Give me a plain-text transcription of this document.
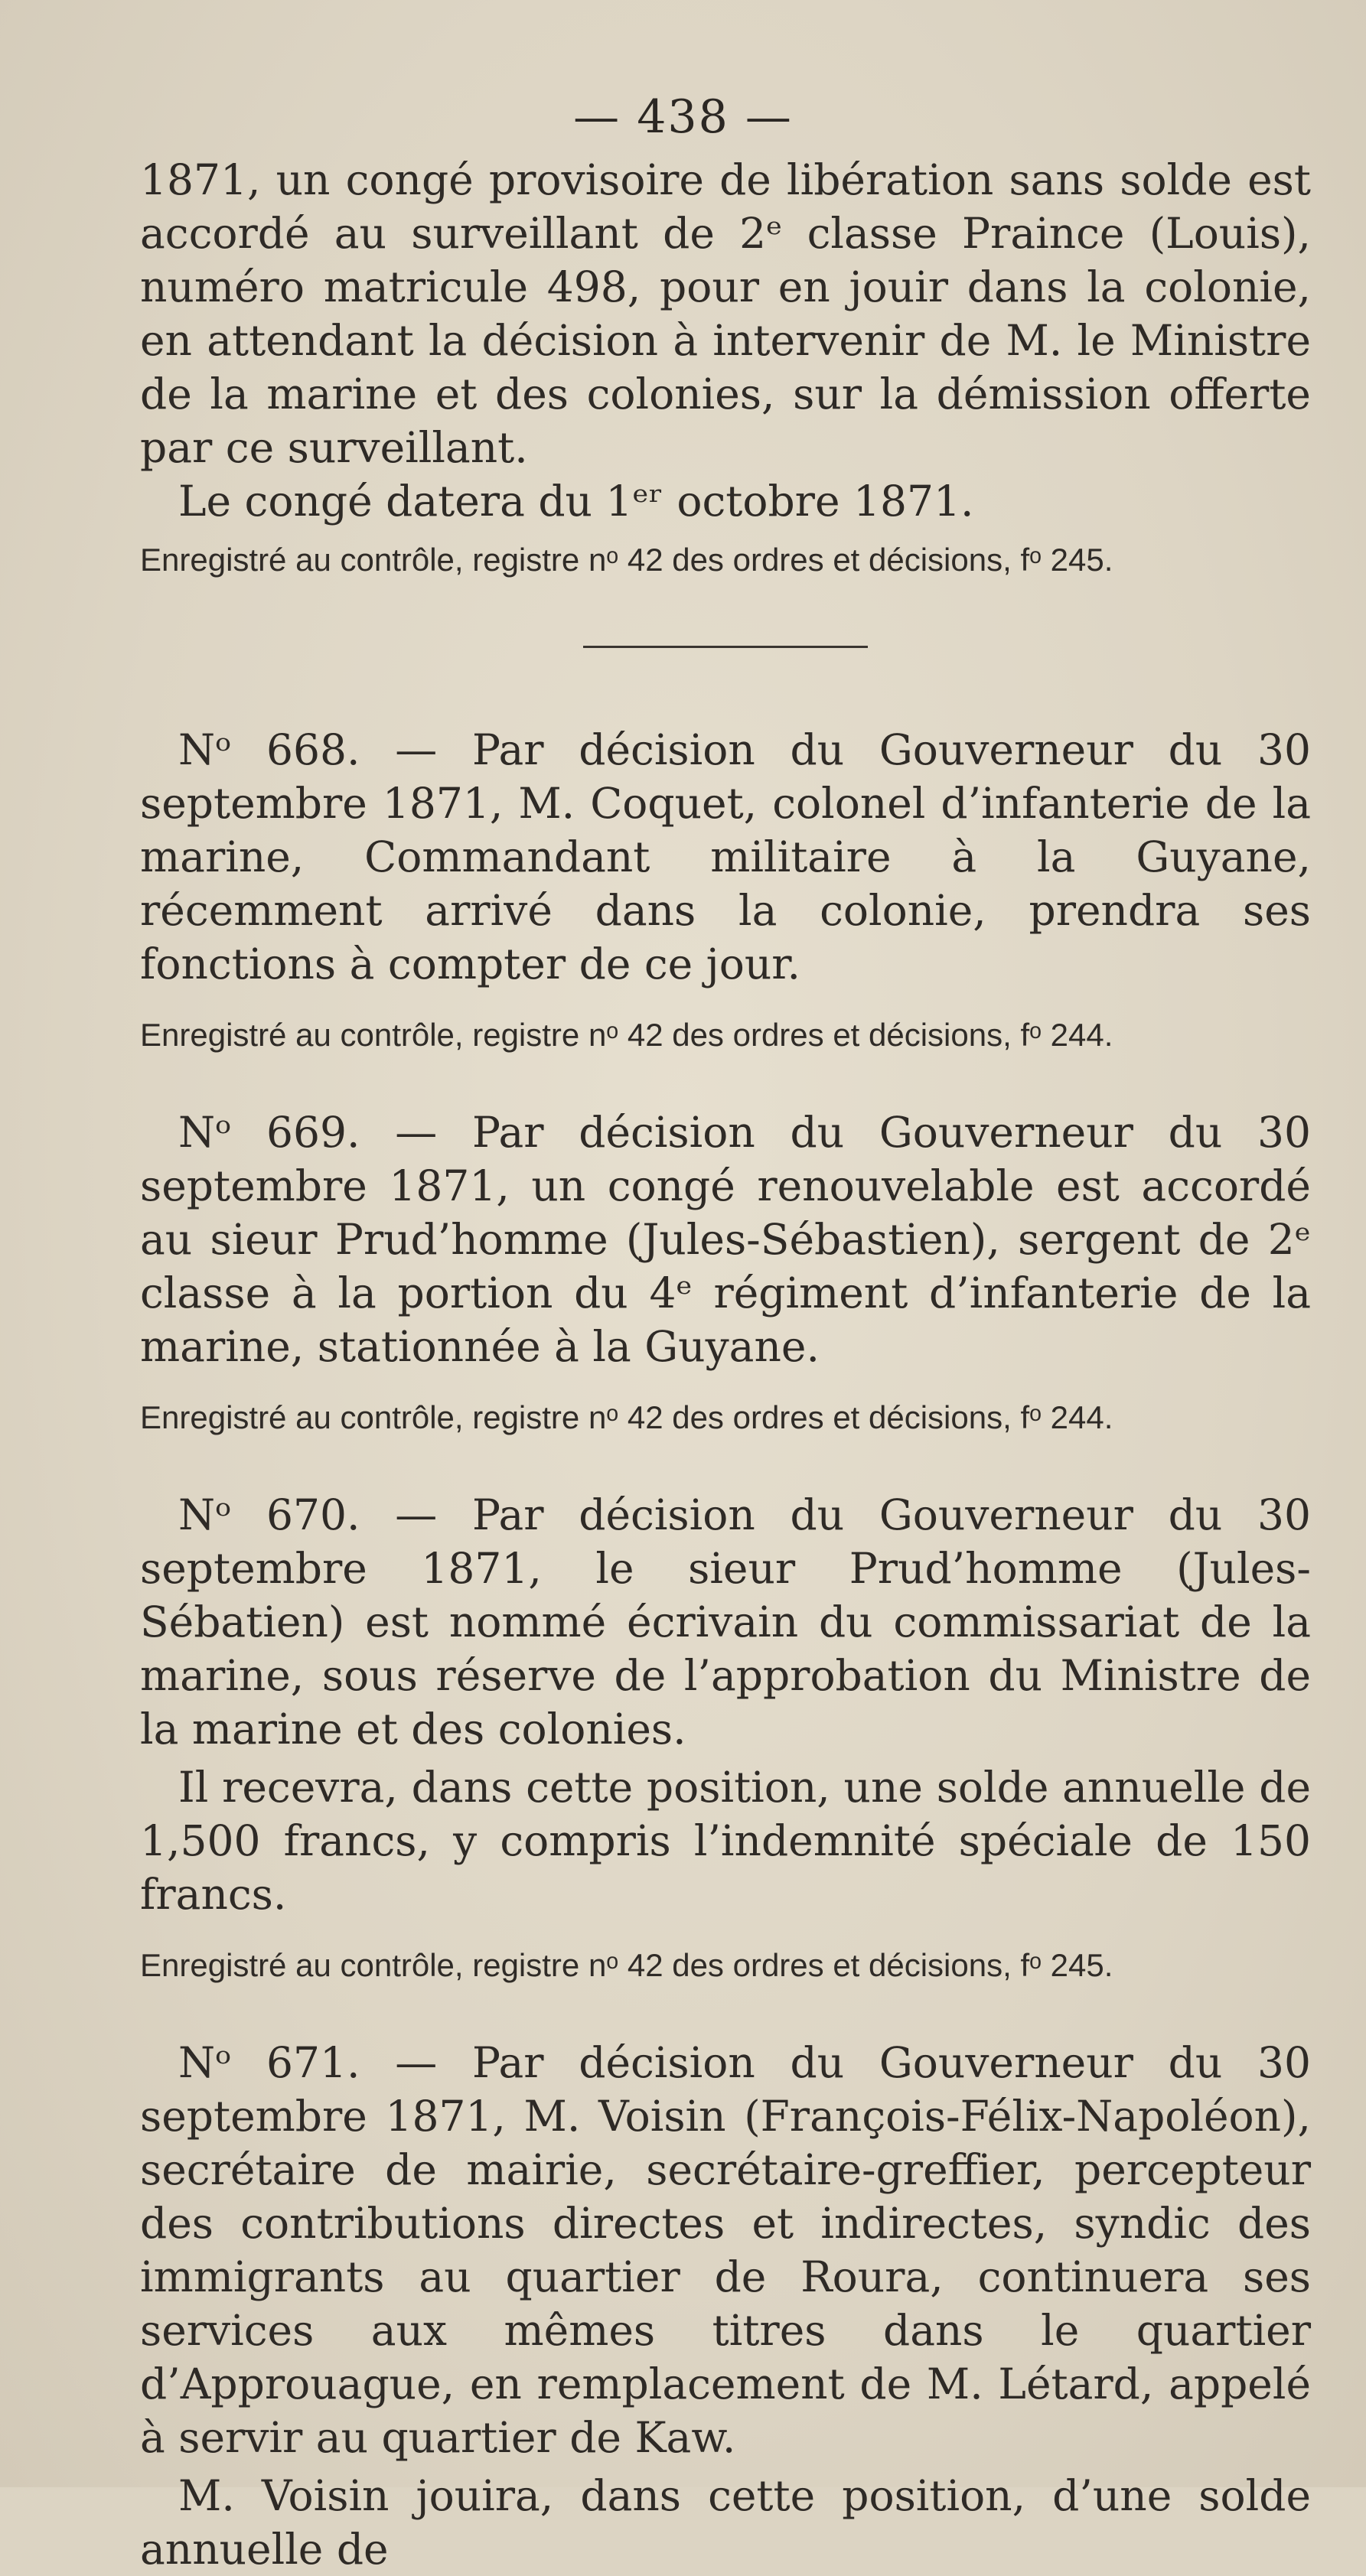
— 438 —

1871, un congé provisoire de libération sans solde est accordé au surveillant de 2ᵉ classe Praince (Louis), numéro matricule 498, pour en jouir dans la colonie, en attendant la décision à intervenir de M. le Ministre de la marine et des colonies, sur la démission offerte par ce surveillant.

Le congé datera du 1ᵉʳ octobre 1871.

Enregistré au contrôle, registre nᵒ 42 des ordres et décisions, fᵒ 245.

Nᵒ 668. — Par décision du Gouverneur du 30 septembre 1871, M. Coquet, colonel d’infanterie de la marine, Commandant militaire à la Guyane, récemment arrivé dans la colonie, prendra ses fonctions à compter de ce jour.

Enregistré au contrôle, registre nᵒ 42 des ordres et décisions, fᵒ 244.

Nᵒ 669. — Par décision du Gouverneur du 30 septembre 1871, un congé renouvelable est accordé au sieur Prud’homme (Jules-Sébastien), sergent de 2ᵉ classe à la portion du 4ᵉ régiment d’infanterie de la marine, stationnée à la Guyane.

Enregistré au contrôle, registre nᵒ 42 des ordres et décisions, fᵒ 244.

Nᵒ 670. — Par décision du Gouverneur du 30 septembre 1871, le sieur Prud’homme (Jules-Sébatien) est nommé écrivain du commissariat de la marine, sous réserve de l’approbation du Ministre de la marine et des colonies.

Il recevra, dans cette position, une solde annuelle de 1,500 francs, y compris l’indemnité spéciale de 150 francs.

Enregistré au contrôle, registre nᵒ 42 des ordres et décisions, fᵒ 245.

Nᵒ 671. — Par décision du Gouverneur du 30 septembre 1871, M. Voisin (François-Félix-Napoléon), secrétaire de mairie, secrétaire-greffier, percepteur des contributions directes et indirectes, syndic des immigrants au quartier de Roura, continuera ses services aux mêmes titres dans le quartier d’Approuague, en remplacement de M. Létard, appelé à servir au quartier de Kaw.

M. Voisin jouira, dans cette position, d’une solde annuelle de
